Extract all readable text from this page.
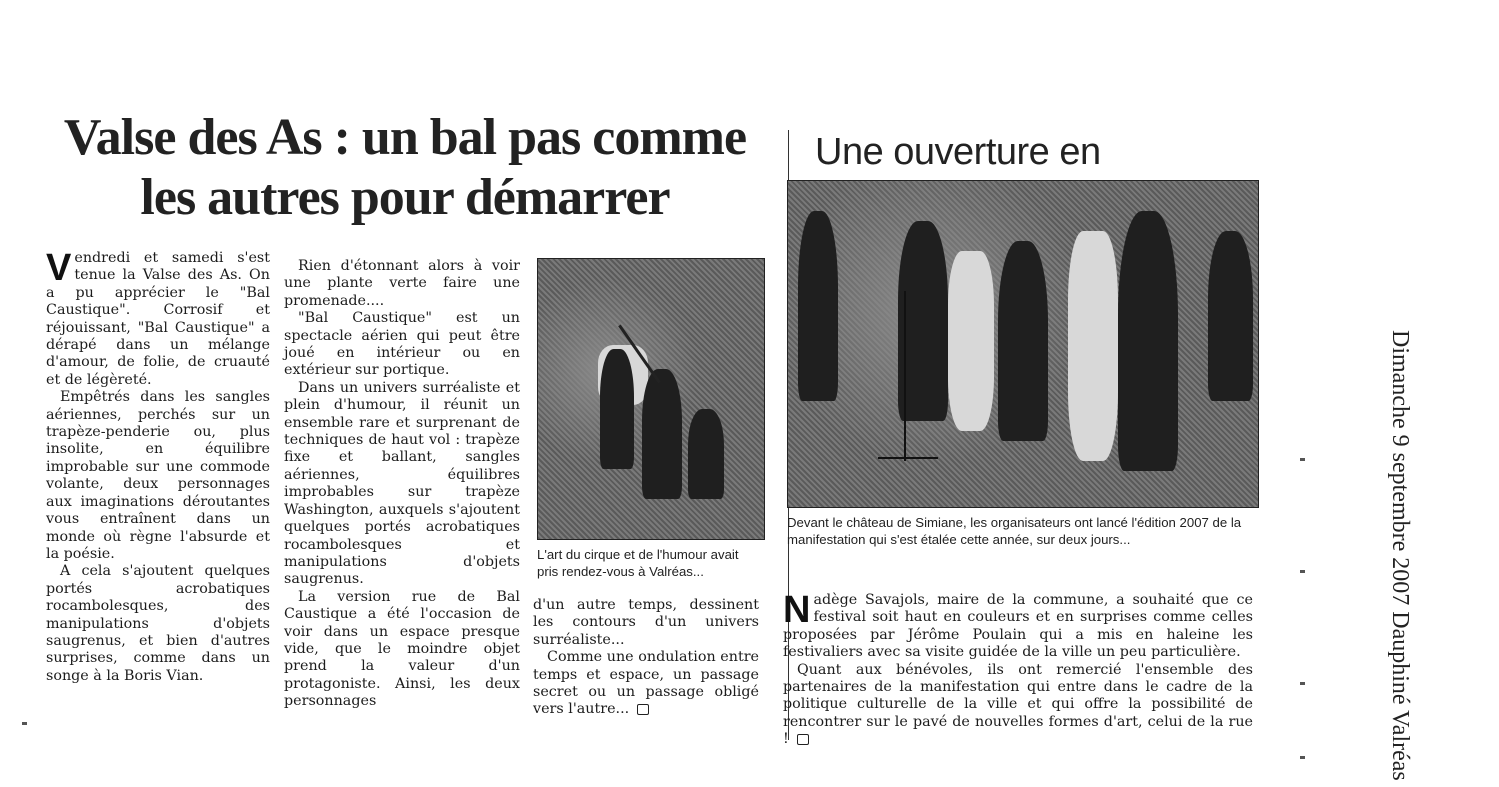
Valse des As : un bal pas comme
les autres pour démarrer
Une ouverture en

Vendredi et samedi s'est tenue la Valse des As. On a pu apprécier le "Bal Caustique". Corrosif et réjouissant, "Bal Caustique" a dérapé dans un mélange d'amour, de folie, de cruauté et de légèreté.

Empêtrés dans les sangles aériennes, perchés sur un trapèze-penderie ou, plus insolite, en équilibre improbable sur une commode volante, deux personnages aux imaginations déroutantes vous entraînent dans un monde où règne l'absurde et la poésie.

A cela s'ajoutent quelques portés acrobatiques rocambolesques, des manipulations d'objets saugrenus, et bien d'autres surprises, comme dans un songe à la Boris Vian.

Rien d'étonnant alors à voir une plante verte faire une promenade....

"Bal Caustique" est un spectacle aérien qui peut être joué en intérieur ou en extérieur sur portique.

Dans un univers surréaliste et plein d'humour, il réunit un ensemble rare et surprenant de techniques de haut vol : trapèze fixe et ballant, sangles aériennes, équilibres improbables sur trapèze Washington, auxquels s'ajoutent quelques portés acrobatiques rocambolesques et manipulations d'objets saugrenus.

La version rue de Bal Caustique a été l'occasion de voir dans un espace presque vide, que le moindre objet prend la valeur d'un protagoniste. Ainsi, les deux personnages

L'art du cirque et de l'humour avait pris rendez-vous à Valréas...

d'un autre temps, dessinent les contours d'un univers surréaliste...

Comme une ondulation entre temps et espace, un passage secret ou un passage obligé vers l'autre...

Devant le château de Simiane, les organisateurs ont lancé l'édition 2007 de la manifestation qui s'est étalée cette année, sur deux jours...

Nadège Savajols, maire de la commune, a souhaité que ce festival soit haut en couleurs et en surprises comme celles proposées par Jérôme Poulain qui a mis en haleine les festivaliers avec sa visite guidée de la ville un peu particulière.

Quant aux bénévoles, ils ont remercié l'ensemble des partenaires de la manifestation qui entre dans le cadre de la politique culturelle de la ville et qui offre la possibilité de rencontrer sur le pavé de nouvelles formes d'art, celui de la rue !	Dimanche 9 septembre 2007 Dauphiné Valréas
